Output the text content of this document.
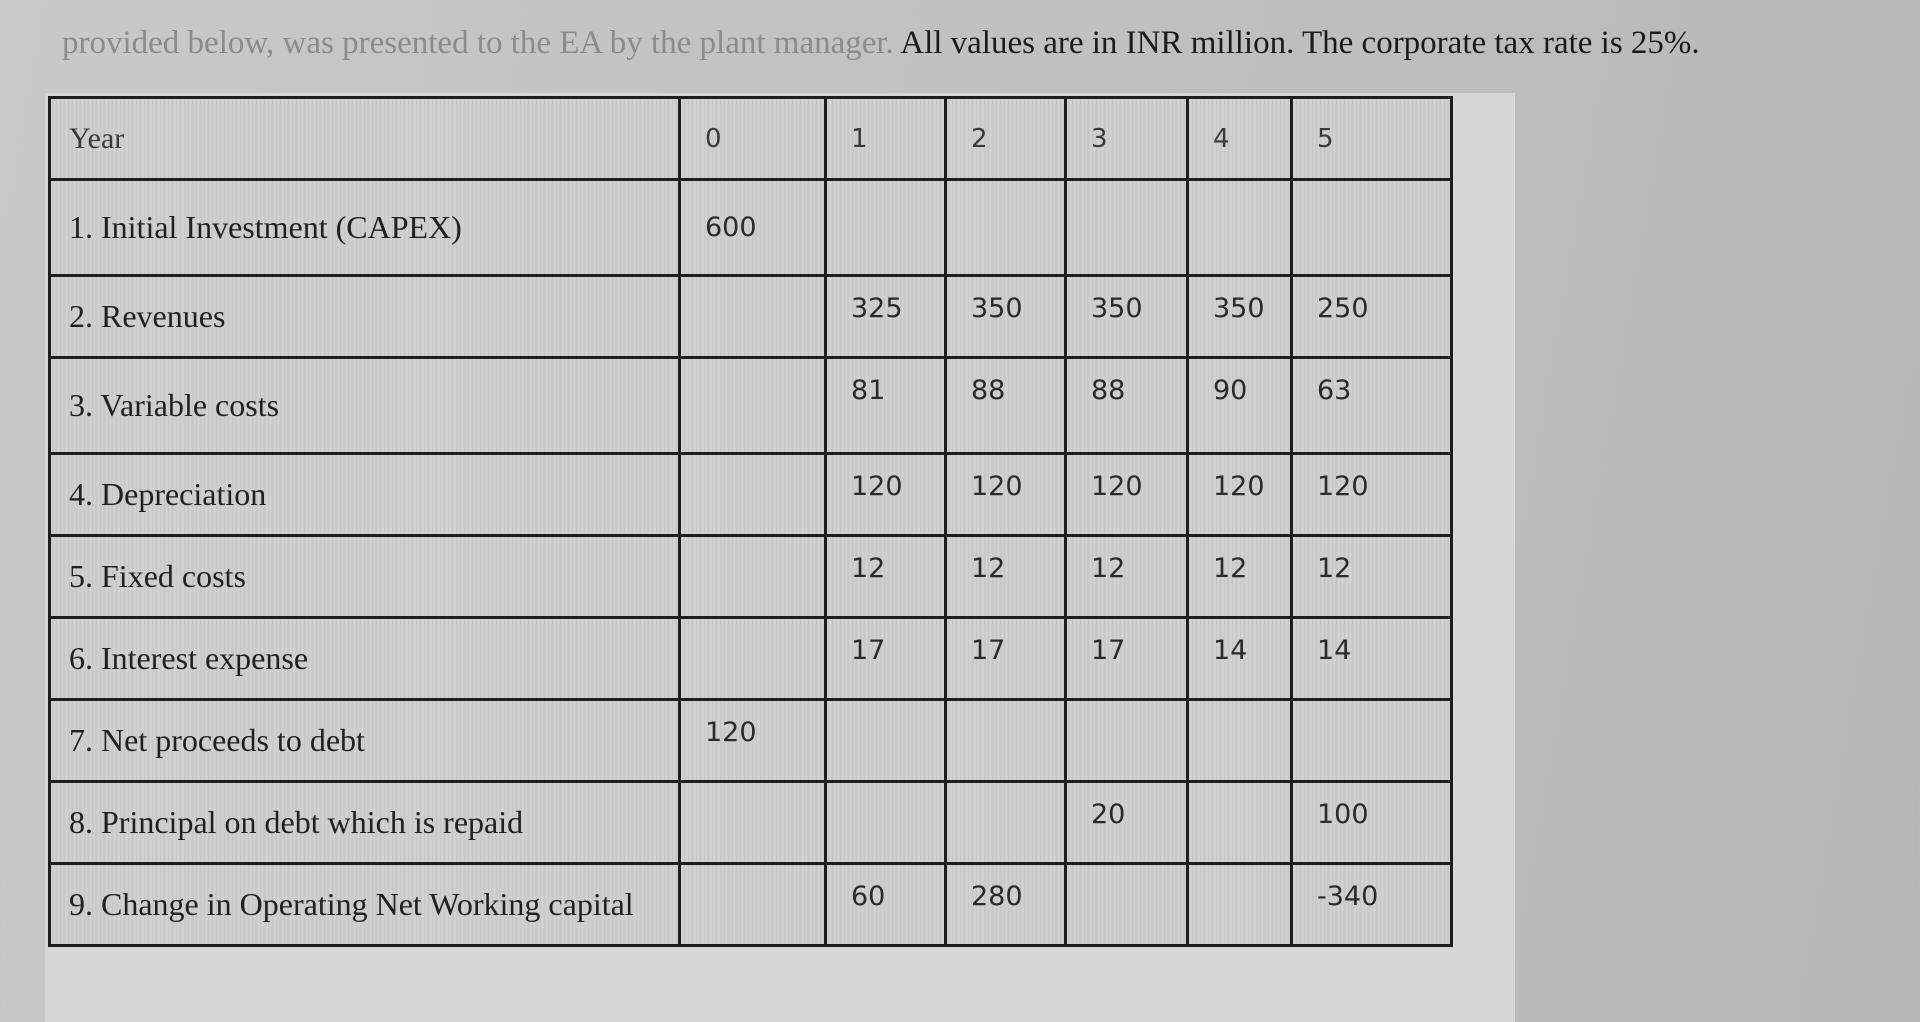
provided below, was presented to the EA by the plant manager. All values are in INR million. The corporate tax rate is 25%.
Year	0	1	2	3	4	5
1. Initial Investment (CAPEX)	600					
2. Revenues		325	350	350	350	250
3. Variable costs		81	88	88	90	63
4. Depreciation		120	120	120	120	120
5. Fixed costs		12	12	12	12	12
6. Interest expense		17	17	17	14	14
7. Net proceeds to debt	120					
8. Principal on debt which is repaid				20		100
9. Change in Operating Net Working capital		60	280			-340
